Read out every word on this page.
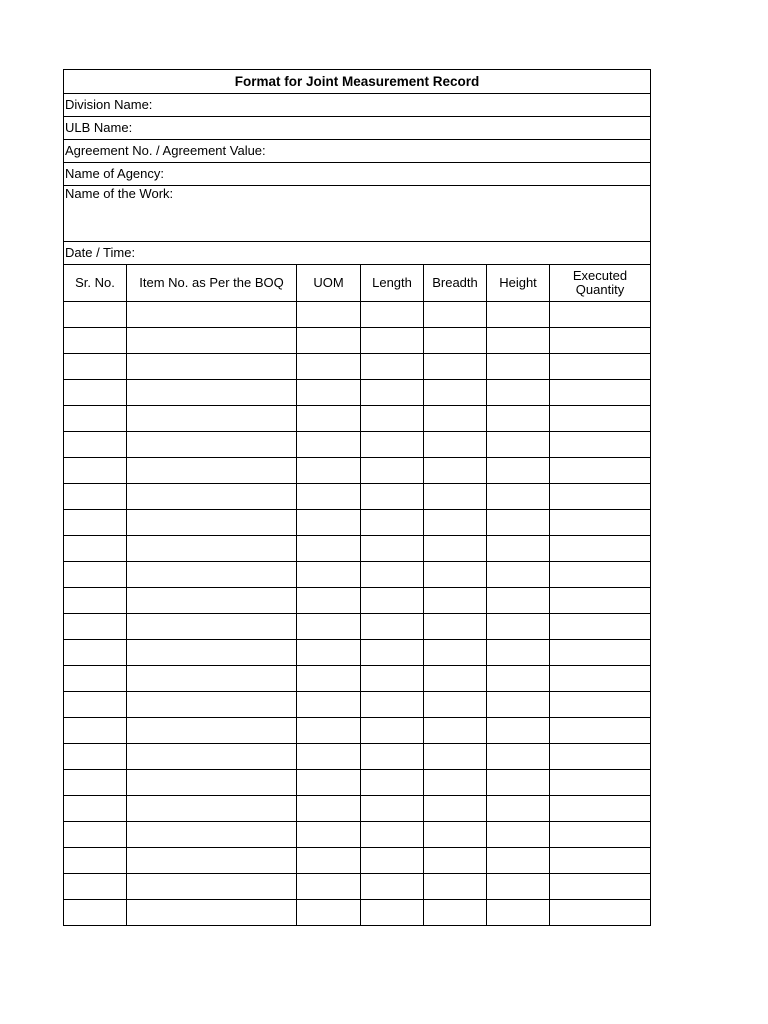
Format for Joint Measurement Record						
Division Name:						
ULB Name:						
Agreement No. / Agreement Value:						
Name of Agency:						
Name of the Work:						
Date / Time:						
Sr. No.	Item No. as Per the BOQ	UOM	Length	Breadth	Height	Executed
Quantity
